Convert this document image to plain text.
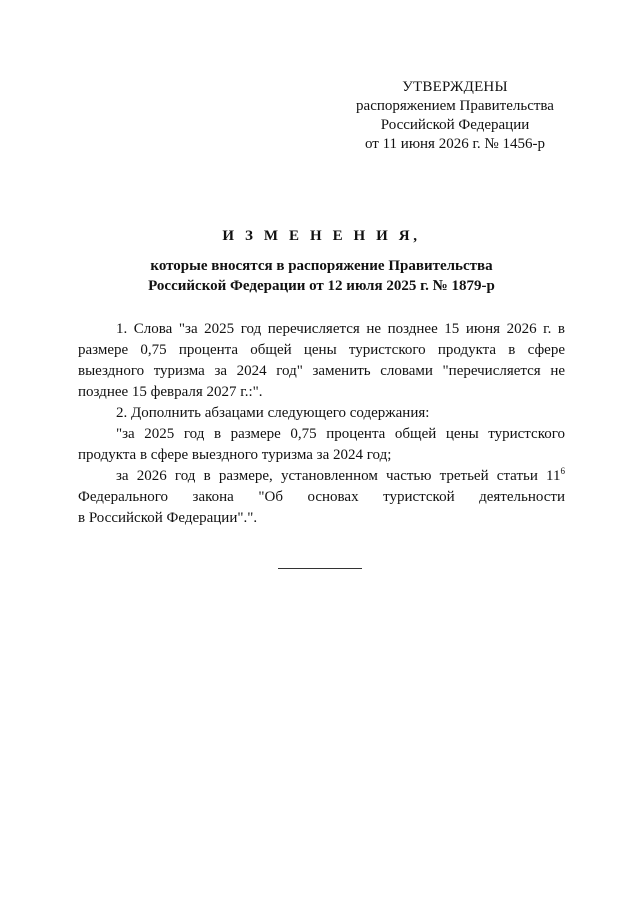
УТВЕРЖДЕНЫ
распоряжением Правительства
Российской Федерации
от 11 июня 2026 г. № 1456-р
И З М Е Н Е Н И Я,
которые вносятся в распоряжение Правительства
Российской Федерации от 12 июля 2025 г. № 1879-р

1. Слова "за 2025 год перечисляется не позднее 15 июня 2026 г. в размере 0,75 процента общей цены туристского продукта в сфере выездного туризма за 2024 год" заменить словами "перечисляется не позднее 15 февраля 2027 г.:".

2. Дополнить абзацами следующего содержания:

"за 2025 год в размере 0,75 процента общей цены туристского продукта в сфере выездного туризма за 2024 год;

за 2026 год в размере, установленном частью третьей статьи $11^6$ Федерального закона "Об основах туристской деятельности

в Российской Федерации".".
